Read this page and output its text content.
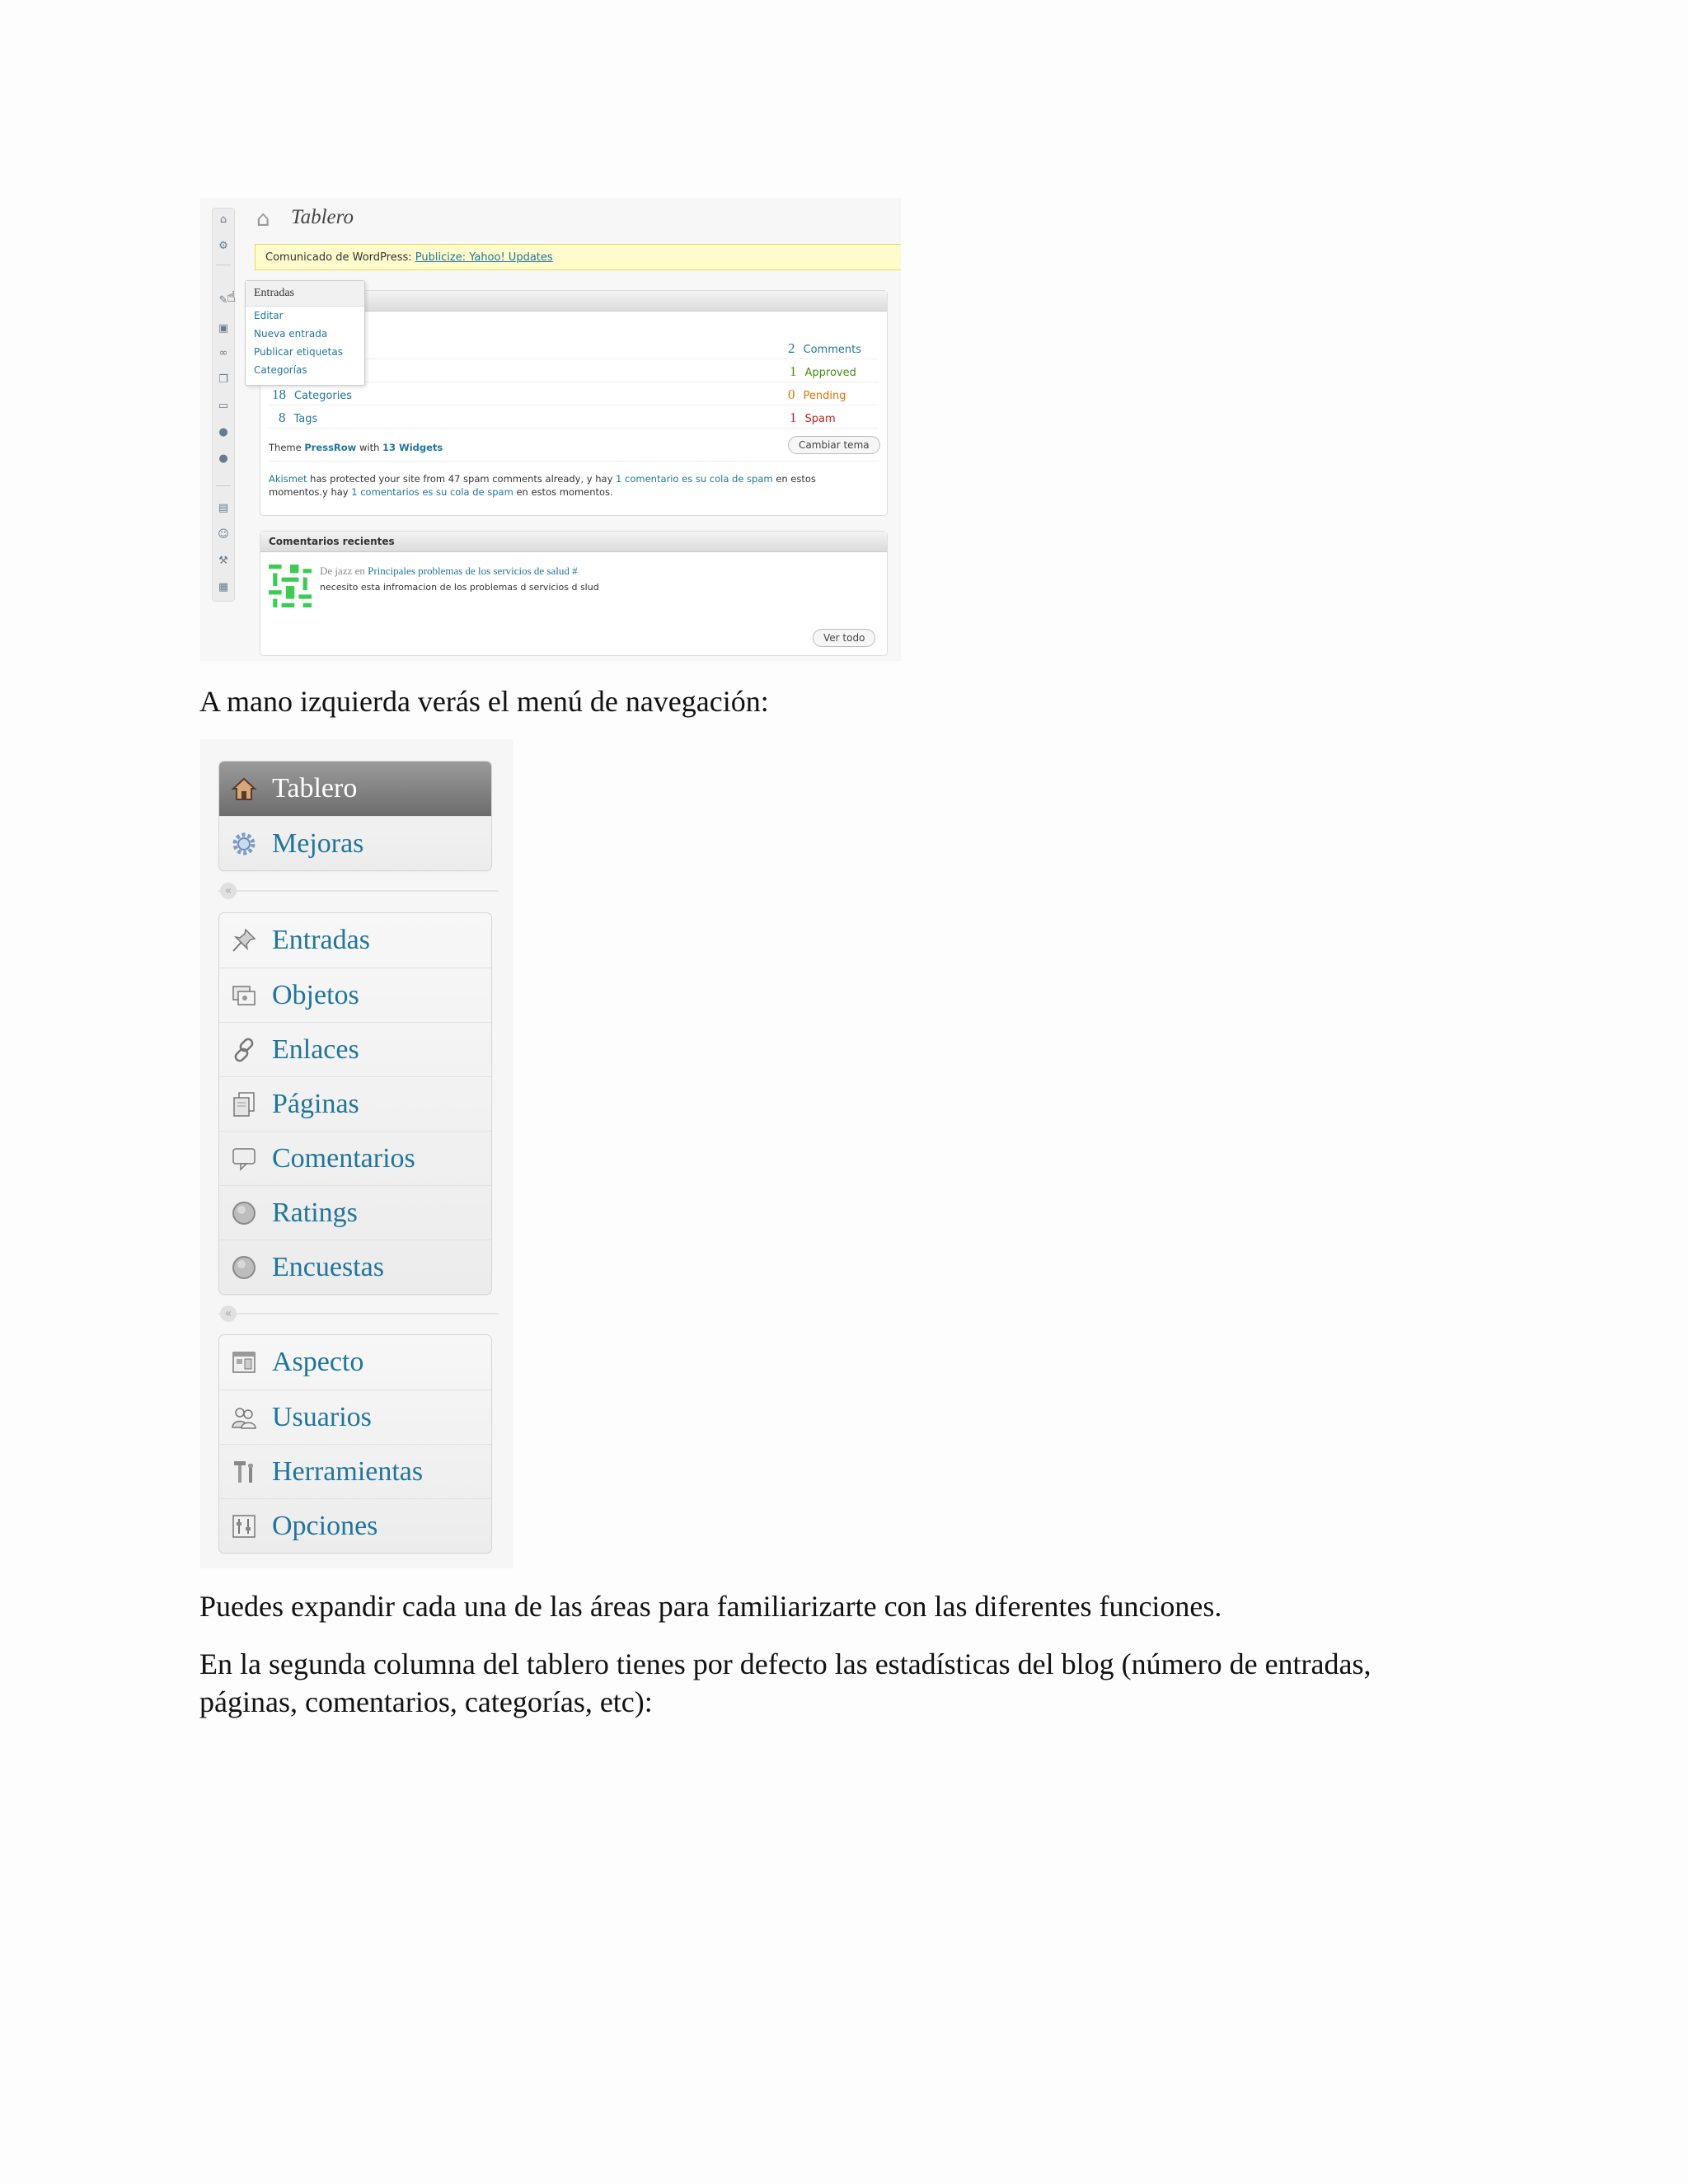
⌂
⚙
✎
▣
∞
❐
▭
●
●
▤
☺
⚒
▦
⌂	Tablero
Comunicado de WordPress: Publicize: Yahoo! Updates
18 Categories
8 Tags
2 Comments
1 Approved
0 Pending
1 Spam
Theme PressRow with 13 Widgets	Cambiar tema
Akismet has protected your site from 47 spam comments already, y hay 1 comentario es su cola de spam en estos momentos.y hay 1 comentarios es su cola de spam en estos momentos.
Entradas
Editar
Nueva entrada
Publicar etiquetas
Categorías
☝
Comentarios recientes
De jazz en Principales problemas de los servicios de salud #
necesito esta infromacion de los problemas d servicios d slud
Ver todo

A mano izquierda verás el menú de navegación:

Tablero
Mejoras
«
Entradas
Objetos
Enlaces
Páginas
Comentarios
Ratings
Encuestas
«
Aspecto
Usuarios
Herramientas
Opciones

Puedes expandir cada una de las áreas para familiarizarte con las diferentes funciones.

En la segunda columna del tablero tienes por defecto las estadísticas del blog (número de entradas, páginas, comentarios, categorías, etc):
